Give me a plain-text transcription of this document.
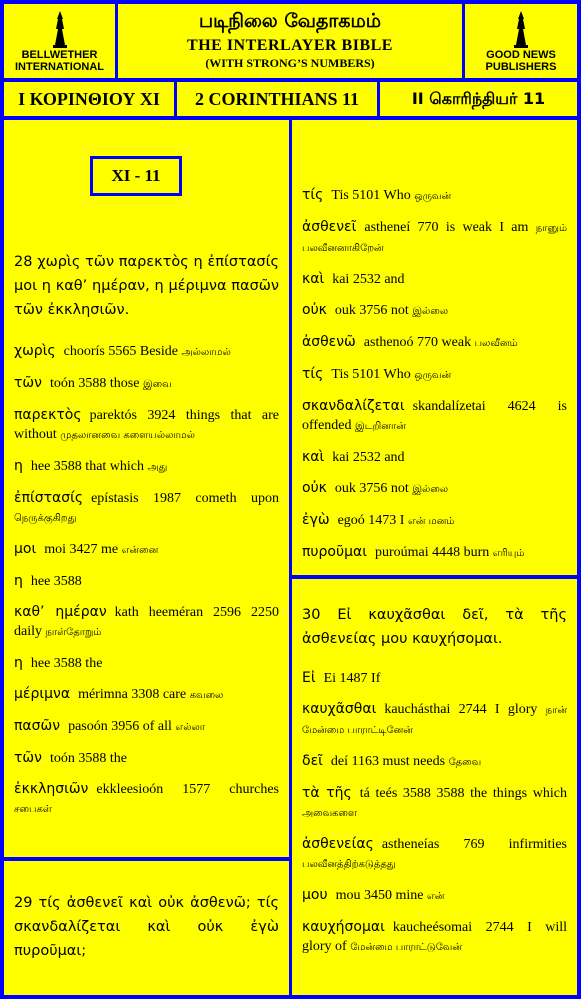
BELLWETHER
INTERNATIONAL
படிநிலை வேதாகமம்
THE INTERLAYER BIBLE
(WITH STRONG’S NUMBERS)
GOOD NEWS
PUBLISHERS
I ΚΟΡΙΝΘΙΟΥ ΧΙ	2 CORINTHIANS 11	II கொரிந்தியர் 11
XI - 11
28 χωρὶς τῶν παρεκτὸς η ἐπίστασίς μοι η καθ’ ημέραν, η μέριμνα πασῶν τῶν ἐκκλησιῶν.
χωρὶς choorís 5565 Beside அல்லாமல்
τῶν toón 3588 those இவை
παρεκτὸς parektós 3924 things that are without முதலானவை களையல்லாமல்
η hee 3588 that which அது
ἐπίστασίς epístasis 1987 cometh upon நெருக்குகிறது
μοι moi 3427 me என்னை
η hee 3588
καθ’ ημέραν kath heeméran 2596 2250 daily நாள்தோறும்
η hee 3588 the
μέριμνα mérimna 3308 care கவலை
πασῶν pasoón 3956 of all எல்லா
τῶν toón 3588 the
ἐκκλησιῶν ekkleesioón 1577 churches சபைகள்
29 τίς ἀσθενεῖ καὶ οὐκ ἀσθενῶ; τίς σκανδαλίζεται καὶ οὐκ ἐγὼ πυροῦμαι;
τίς Tis 5101 Who ஒருவன்
ἀσθενεῖ astheneí 770 is weak I am நானும் பலவீனனாகிறேன்
καὶ kai 2532 and
οὐκ ouk 3756 not இல்லை
ἀσθενῶ asthenoó 770 weak பலவீனம்
τίς Tis 5101 Who ஒருவன்
σκανδαλίζεται skandalízetai 4624 is offended இடறினான்
καὶ kai 2532 and
οὐκ ouk 3756 not இல்லை
ἐγὼ egoó 1473 I என் மனம்
πυροῦμαι puroúmai 4448 burn எரியும்
30 Εἰ καυχᾶσθαι δεῖ, τὰ τῆς ἀσθενείας μου καυχήσομαι.
Εἰ Ei 1487 If
καυχᾶσθαι kauchásthai 2744 I glory நான் மேன்மை பாராட்டினேன்
δεῖ deí 1163 must needs தேவை
τὰ τῆς tá teés 3588 3588 the things which அவைகளை
ἀσθενείας astheneías 769 infirmities பலவீனத்திற்கடுத்தது
μου mou 3450 mine என்
καυχήσομαι kaucheésomai 2744 I will glory of மேன்மை பாராட்டுவேன்
